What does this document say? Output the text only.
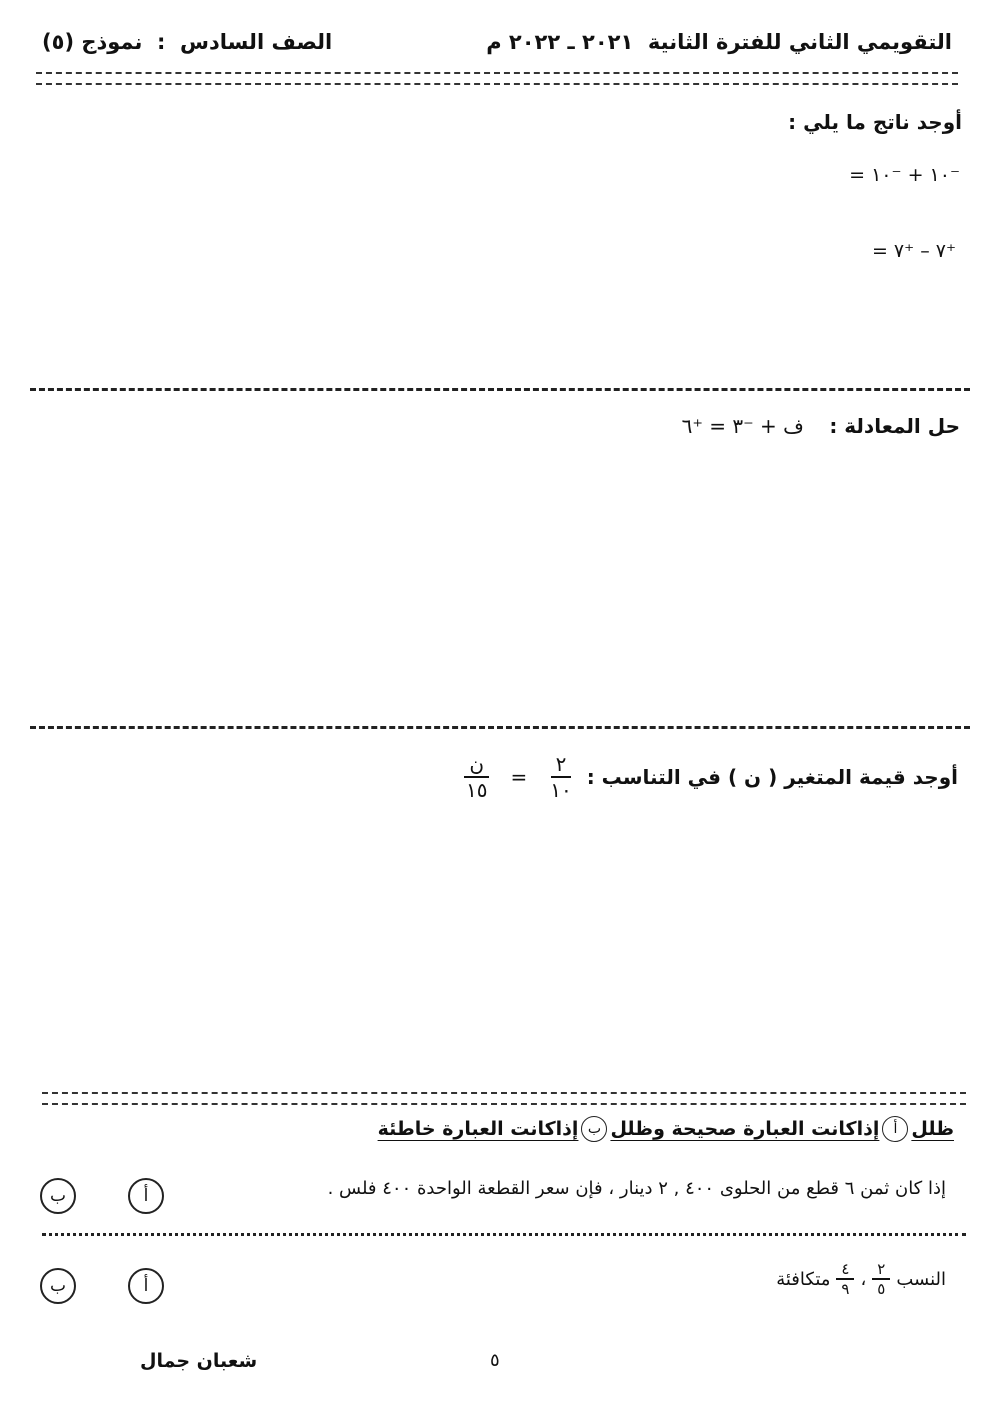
التقويمي الثاني للفترة الثانية  ٢٠٢١ ـ ٢٠٢٢ م
الصف السادس  :  نموذج (٥)
أوجد ناتج ما يلي :
⁻١٠ + ⁻١٠ =
⁺٧ – ⁺٧ =
حل المعادلة :    ف + ⁻٣ = ⁺٦
أوجد قيمة المتغير ( ن ) في التناسب :
$\frac{٢}{١٠}$
=
$\frac{\text{ن}}{١٥}$
ظلل
أ
إذاكانت العبارة صحيحة وظلل
ب
إذاكانت العبارة خاطئة
إذا كان ثمن ٦ قطع من الحلوى ٤٠٠ , ٢ دينار ، فإن سعر القطعة الواحدة ٤٠٠ فلس .
أ
ب
النسب
$\frac{٢}{٥}$
،
$\frac{٤}{٩}$
متكافئة
أ
ب
٥
شعبان جمال
